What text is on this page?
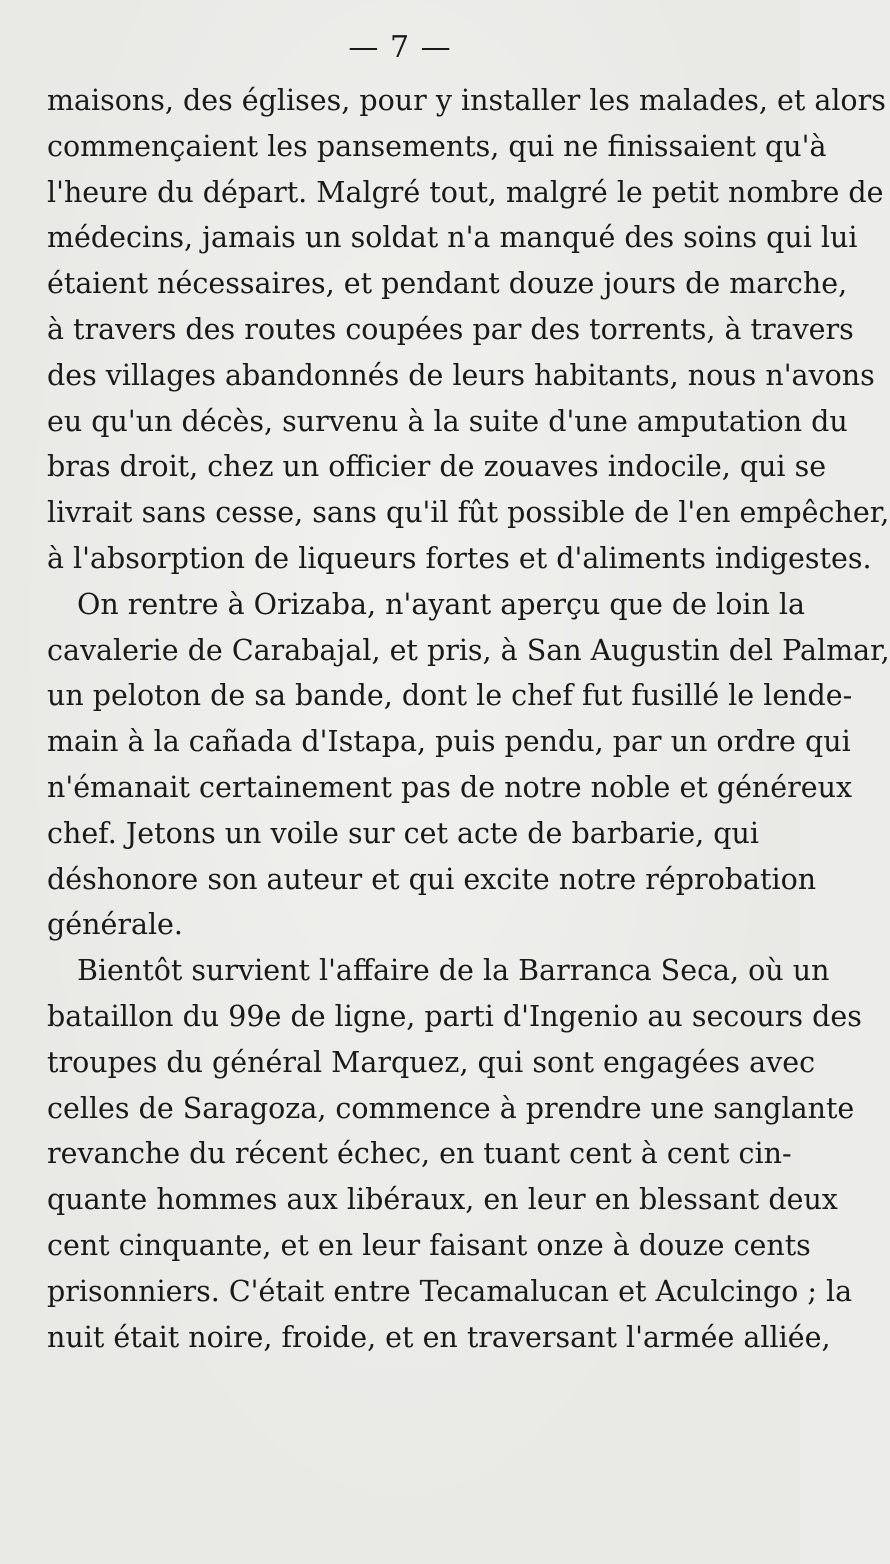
— 7 —
maisons, des églises, pour y installer les malades, et alors
commençaient les pansements, qui ne finissaient qu'à
l'heure du départ. Malgré tout, malgré le petit nombre de
médecins, jamais un soldat n'a manqué des soins qui lui
étaient nécessaires, et pendant douze jours de marche,
à travers des routes coupées par des torrents, à travers
des villages abandonnés de leurs habitants, nous n'avons
eu qu'un décès, survenu à la suite d'une amputation du
bras droit, chez un officier de zouaves indocile, qui se
livrait sans cesse, sans qu'il fût possible de l'en empêcher,
à l'absorption de liqueurs fortes et d'aliments indigestes.
On rentre à Orizaba, n'ayant aperçu que de loin la
cavalerie de Carabajal, et pris, à San Augustin del Palmar,
un peloton de sa bande, dont le chef fut fusillé le lende-
main à la cañada d'Istapa, puis pendu, par un ordre qui
n'émanait certainement pas de notre noble et généreux
chef. Jetons un voile sur cet acte de barbarie, qui
déshonore son auteur et qui excite notre réprobation
générale.
Bientôt survient l'affaire de la Barranca Seca, où un
bataillon du 99e de ligne, parti d'Ingenio au secours des
troupes du général Marquez, qui sont engagées avec
celles de Saragoza, commence à prendre une sanglante
revanche du récent échec, en tuant cent à cent cin-
quante hommes aux libéraux, en leur en blessant deux
cent cinquante, et en leur faisant onze à douze cents
prisonniers. C'était entre Tecamalucan et Aculcingo ; la
nuit était noire, froide, et en traversant l'armée alliée,
